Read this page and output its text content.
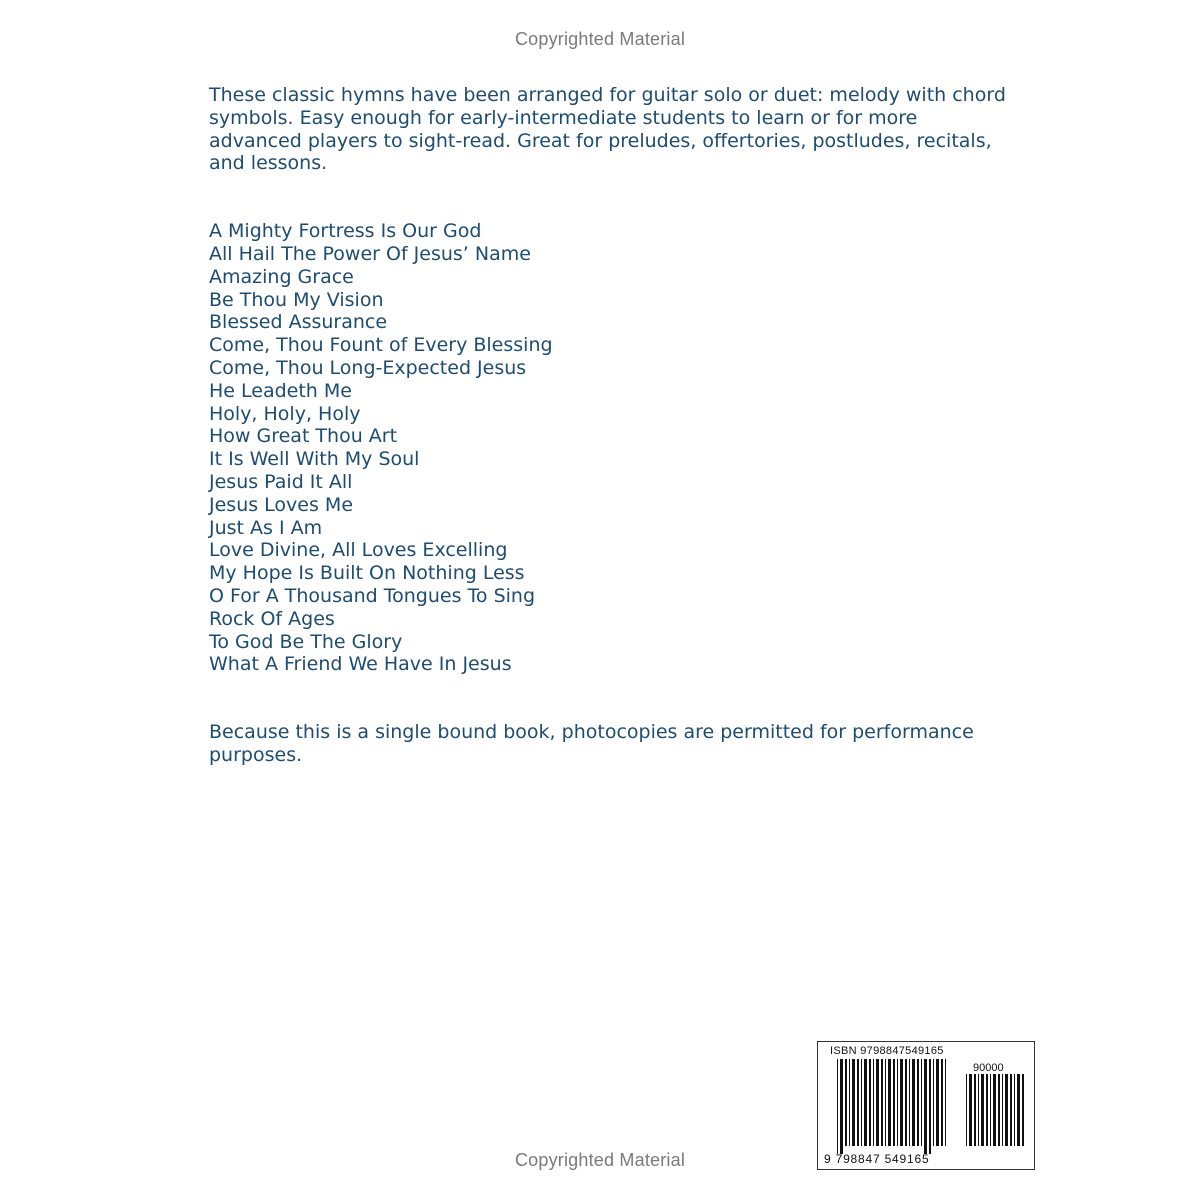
Copyrighted Material

These classic hymns have been arranged for guitar solo or duet: melody with chord symbols. Easy enough for early-intermediate students to learn or for more advanced players to sight-read. Great for preludes, offertories, postludes, recitals, and lessons.

A Mighty Fortress Is Our God
All Hail The Power Of Jesus’ Name
Amazing Grace
Be Thou My Vision
Blessed Assurance
Come, Thou Fount of Every Blessing
Come, Thou Long-Expected Jesus
He Leadeth Me
Holy, Holy, Holy
How Great Thou Art
It Is Well With My Soul
Jesus Paid It All
Jesus Loves Me
Just As I Am
Love Divine, All Loves Excelling
My Hope Is Built On Nothing Less
O For A Thousand Tongues To Sing
Rock Of Ages
To God Be The Glory
What A Friend We Have In Jesus

Because this is a single bound book, photocopies are permitted for performance purposes.

Copyrighted Material
ISBN 9798847549165
90000
9 798847 549165
